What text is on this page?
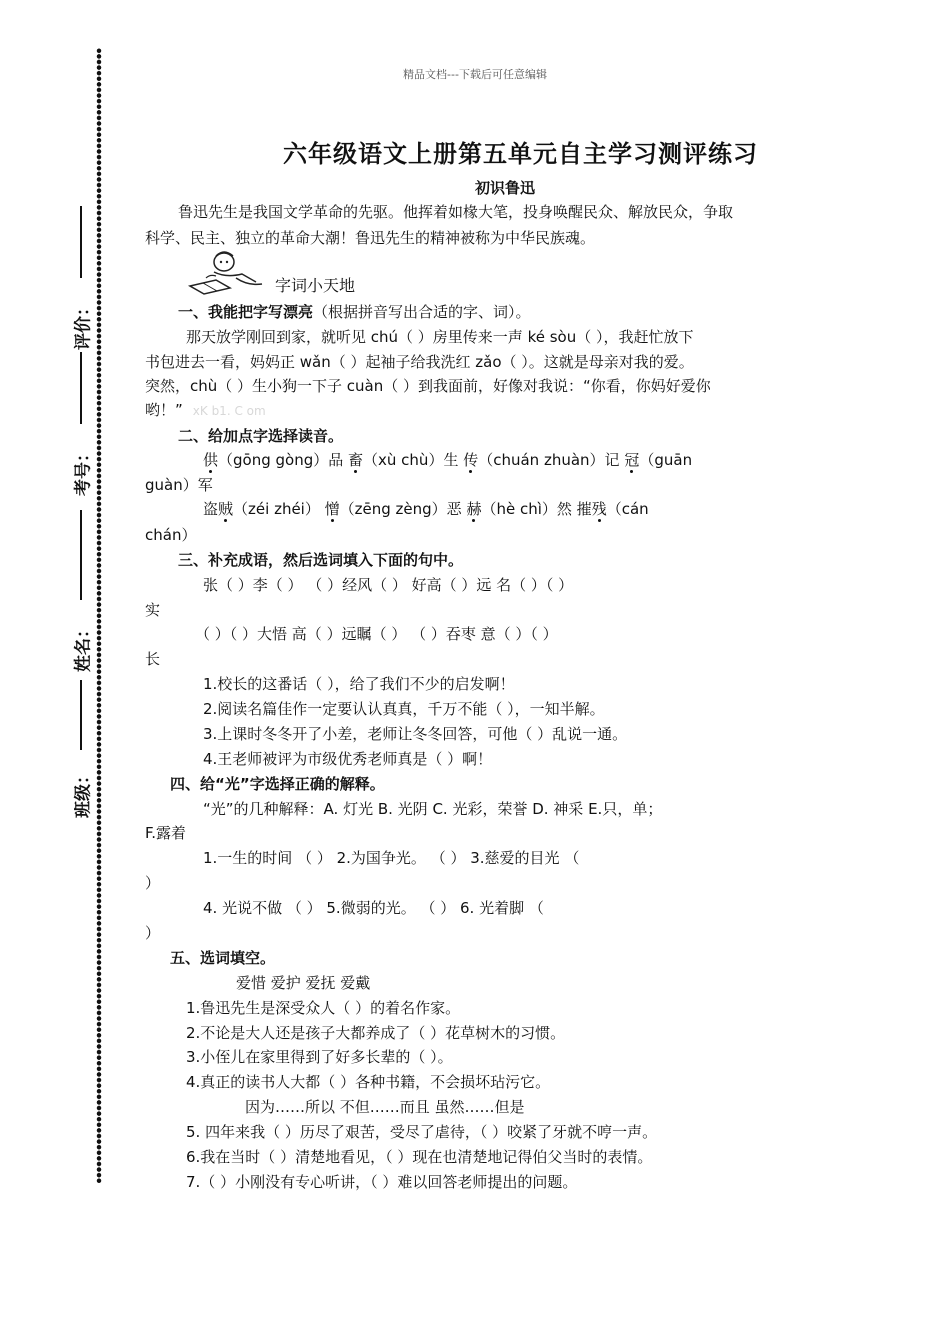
评价：
考号：
姓名：
班级：
精品文档---下载后可任意编辑
六年级语文上册第五单元自主学习测评练习
初识鲁迅
鲁迅先生是我国文学革命的先驱。他挥着如椽大笔，投身唤醒民众、解放民众，争取
科学、民主、独立的革命大潮！鲁迅先生的精神被称为中华民族魂。
字词小天地
一、我能把字写漂亮（根据拼音写出合适的字、词）。
那天放学刚回到家，就听见 chú（ ）房里传来一声 ké sòu（ ），我赶忙放下
书包进去一看，妈妈正 wǎn（ ）起袖子给我洗红 zǎo（ ）。这就是母亲对我的爱。
突然，chù（ ）生小狗一下子 cuàn（ ）到我面前，好像对我说：“你看，你妈好爱你
哟！” xK b1. C om
二、给加点字选择读音。
供（gōng gòng）品 畜（xù chù）生 传（chuán zhuàn）记 冠（guān
guàn）军
盗贼（zéi zhéi） 憎（zēng zèng）恶 赫（hè chì）然 摧残（cán
chán）
三、补充成语，然后选词填入下面的句中。
张（ ）李（ ） （ ）经风（ ） 好高（ ）远 名（ ）（ ）
实
（ ）（ ）大悟 高（ ）远瞩（ ） （ ）吞枣 意（ ）（ ）
长
1.校长的这番话（ ），给了我们不少的启发啊！
2.阅读名篇佳作一定要认认真真，千万不能（ ），一知半解。
3.上课时冬冬开了小差，老师让冬冬回答，可他（ ）乱说一通。
4.王老师被评为市级优秀老师真是（ ）啊！
四、给“光”字选择正确的解释。
“光”的几种解释：A. 灯光 B. 光阴 C. 光彩，荣誉 D. 神采 E.只，单；
F.露着
1.一生的时间 （ ） 2.为国争光。 （ ） 3.慈爱的目光 （
）
4. 光说不做 （ ） 5.微弱的光。 （ ） 6. 光着脚 （
）
五、选词填空。
爱惜 爱护 爱抚 爱戴
1.鲁迅先生是深受众人（ ）的着名作家。
2.不论是大人还是孩子大都养成了（ ）花草树木的习惯。
3.小侄儿在家里得到了好多长辈的（ ）。
4.真正的读书人大都（ ）各种书籍，不会损坏玷污它。
因为……所以 不但……而且 虽然……但是
5. 四年来我（ ）历尽了艰苦，受尽了虐待，（ ）咬紧了牙就不哼一声。
6.我在当时（ ）清楚地看见，（ ）现在也清楚地记得伯父当时的表情。
7.（ ）小刚没有专心听讲，（ ）难以回答老师提出的问题。
